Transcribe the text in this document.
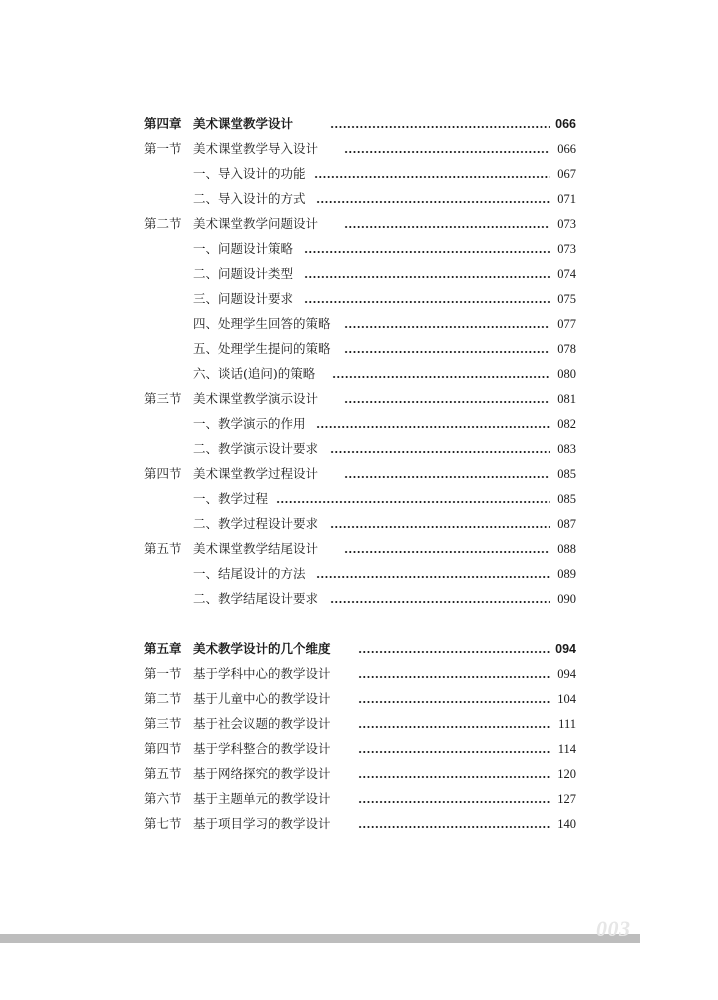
第四章 美术课堂教学设计	066
第一节 美术课堂教学导入设计	066
一、导入设计的功能	067
二、导入设计的方式	071
第二节 美术课堂教学问题设计	073
一、问题设计策略	073
二、问题设计类型	074
三、问题设计要求	075
四、处理学生回答的策略	077
五、处理学生提问的策略	078
六、谈话(追问)的策略	080
第三节 美术课堂教学演示设计	081
一、教学演示的作用	082
二、教学演示设计要求	083
第四节 美术课堂教学过程设计	085
一、教学过程	085
二、教学过程设计要求	087
第五节 美术课堂教学结尾设计	088
一、结尾设计的方法	089
二、教学结尾设计要求	090
第五章 美术教学设计的几个维度	094
第一节 基于学科中心的教学设计	094
第二节 基于儿童中心的教学设计	104
第三节 基于社会议题的教学设计	111
第四节 基于学科整合的教学设计	114
第五节 基于网络探究的教学设计	120
第六节 基于主题单元的教学设计	127
第七节 基于项目学习的教学设计	140
003
